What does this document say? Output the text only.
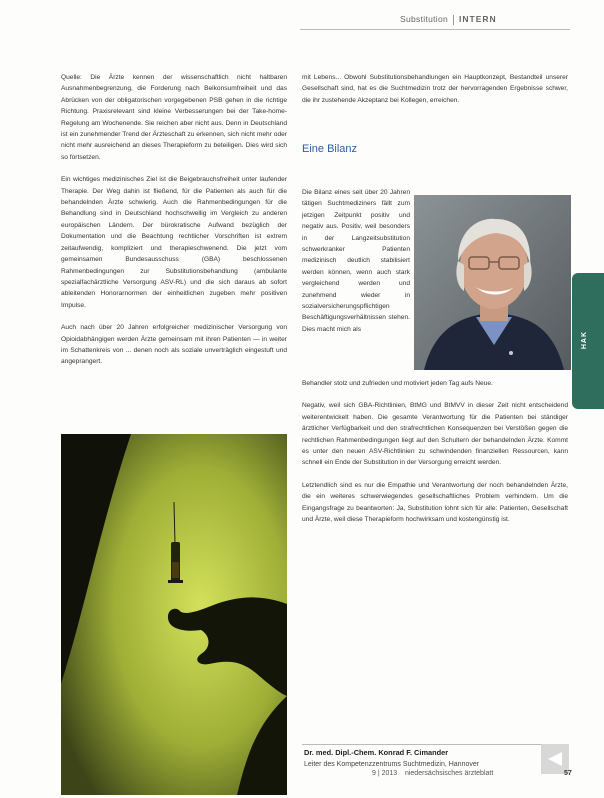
Substitution INTERN

Quelle: Die Ärzte kennen der wissenschaftlich nicht haltbaren Ausnahmenbegrenzung, die Forderung nach Beikonsumfreiheit und das Abrücken von der obligatorischen vorgegebenen PSB gehen in die richtige Richtung. Praxisrelevant sind kleine Verbesserungen bei der Take-home-Regelung am Wochenende. Sie reichen aber nicht aus. Denn in Deutschland ist ein zunehmender Trend der Ärzteschaft zu erkennen, sich nicht mehr oder nicht mehr ausreichend an dieses Therapieform zu beteiligen. Dies wird sich so fortsetzen.

Ein wichtiges medizinisches Ziel ist die Beigebrauchsfreiheit unter laufender Therapie. Der Weg dahin ist fließend, für die Patienten als auch für die behandelnden Ärzte schwierig. Auch die Rahmenbedingungen für die Behandlung sind in Deutschland hochschwellig im Vergleich zu anderen europäischen Ländern. Der bürokratische Aufwand bezüglich der Dokumentation und die Beachtung rechtlicher Vorschriften ist extrem zeitaufwendig, kompliziert und therapieschwenend. Die jetzt vom gemeinsamen Bundesausschuss (GBA) beschlossenen Rahmenbedingungen zur Substitutionsbehandlung (ambulante spezialfachärztliche Versorgung ASV-RL) und die sich daraus ab sofort ableitenden Honorarnormen der einheitlichen zugeben mehr positiven Impulse.

Auch nach über 20 Jahren erfolgreicher medizinischer Versorgung von Opioidabhängigen werden Ärzte gemeinsam mit ihren Patienten — in weiter im Schattenkreis von ... denen noch als soziale unverträglich eingestuft und angeprangert.

mit Lebens... Obwohl Substitutionsbehandlungen ein Hauptkonzept, Bestandteil unserer Gesellschaft sind, hat es die Suchtmedizin trotz der hervorragenden Ergebnisse schwer, die ihr zustehende Akzeptanz bei Kollegen, erreichen.

Eine Bilanz

Die Bilanz eines seit über 20 Jahren tätigen Suchtmediziners fällt zum jetzigen Zeitpunkt positiv und negativ aus. Positiv, weil besonders in der Langzeitsubstitution schwerkranker Patienten medizinisch deutlich stabilisiert werden können, wenn auch stark vergleichend werden und zunehmend wieder in sozialversicherungspflichtigen Beschäftigungsverhältnissen stehen. Dies macht mich als

HAK

Behandler stolz und zufrieden und motiviert jeden Tag aufs Neue.

Negativ, weil sich GBA-Richtlinien, BtMG und BtMVV in dieser Zeit nicht entscheidend weiterentwickelt haben. Die gesamte Verantwortung für die Patienten bei ständiger ärztlicher Verfügbarkeit und den strafrechtlichen Konsequenzen bei Verstößen gegen die rechtlichen Rahmenbedingungen liegt auf den Schultern der behandelnden Ärzte. Kommt es unter den neuen ASV-Richtlinien zu schwindenden finanziellen Ressourcen, kann schnell ein Ende der Substitution in der Versorgung erreicht werden.

Letztendlich sind es nur die Empathie und Verantwortung der noch behandelnden Ärzte, die ein weiteres schwerwiegendes gesellschaftliches Problem verhindern. Um die Eingangsfrage zu beantworten: Ja, Substitution lohnt sich für alle: Patienten, Gesellschaft und Ärzte, weil diese Therapieform hochwirksam und kostengünstig ist.

Dr. med. Dipl.-Chem. Konrad F. Cimander
Leiter des Kompetenzzentrums Suchtmedizin, Hannover
9 | 2013 niedersächsisches ärzteblatt	57
